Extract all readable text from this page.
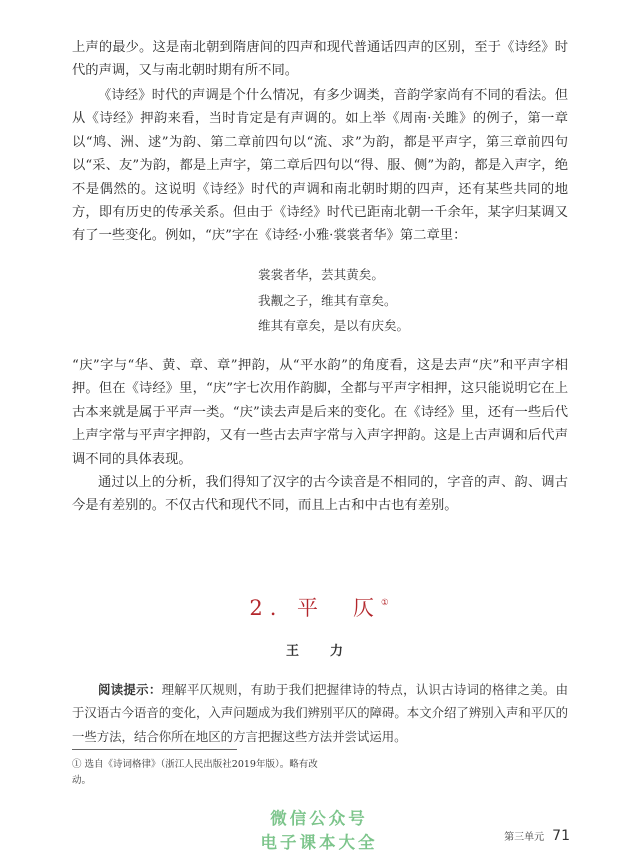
上声的最少。这是南北朝到隋唐间的四声和现代普通话四声的区别，至于《诗经》时代的声调，又与南北朝时期有所不同。

《诗经》时代的声调是个什么情况，有多少调类，音韵学家尚有不同的看法。但从《诗经》押韵来看，当时肯定是有声调的。如上举《周南·关雎》的例子，第一章以“鸠、洲、逑”为韵、第二章前四句以“流、求”为韵，都是平声字，第三章前四句以“采、友”为韵，都是上声字，第二章后四句以“得、服、侧”为韵，都是入声字，绝不是偶然的。这说明《诗经》时代的声调和南北朝时期的四声，还有某些共同的地方，即有历史的传承关系。但由于《诗经》时代已距南北朝一千余年，某字归某调又有了一些变化。例如，“庆”字在《诗经·小雅·裳裳者华》第二章里：

裳裳者华，芸其黄矣。
我觏之子，维其有章矣。
维其有章矣，是以有庆矣。

“庆”字与“华、黄、章、章”押韵，从“平水韵”的角度看，这是去声“庆”和平声字相押。但在《诗经》里，“庆”字七次用作韵脚，全都与平声字相押，这只能说明它在上古本来就是属于平声一类。“庆”读去声是后来的变化。在《诗经》里，还有一些后代上声字常与平声字押韵，又有一些古去声字常与入声字押韵。这是上古声调和后代声调不同的具体表现。

通过以上的分析，我们得知了汉字的古今读音是不相同的，字音的声、韵、调古今是有差别的。不仅古代和现代不同，而且上古和中古也有差别。

2. 平　仄①
王　力
阅读提示：理解平仄规则，有助于我们把握律诗的特点，认识古诗词的格律之美。由于汉语古今语音的变化，入声问题成为我们辨别平仄的障碍。本文介绍了辨别入声和平仄的一些方法，结合你所在地区的方言把握这些方法并尝试运用。
① 选自《诗词格律》（浙江人民出版社2019年版）。略有改动。
微信公众号
电子课本大全	第三单元 71
